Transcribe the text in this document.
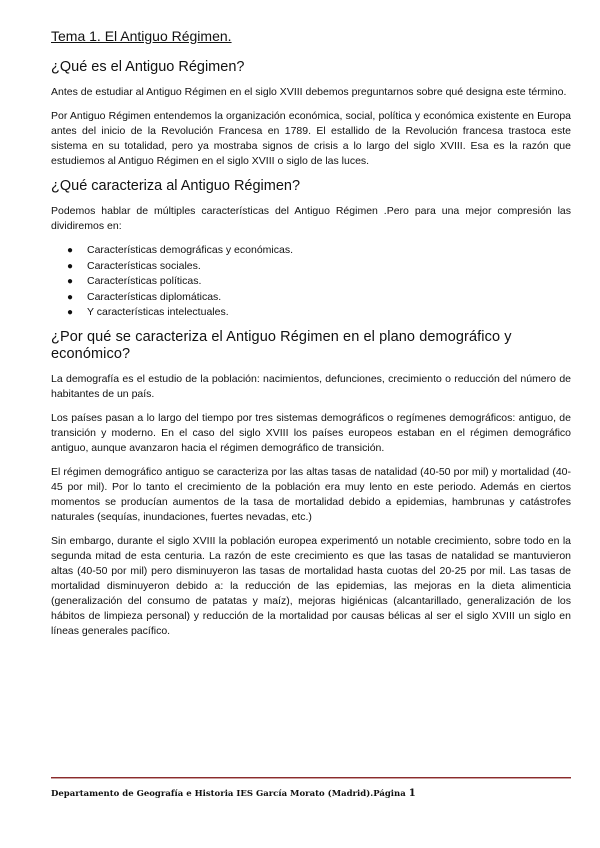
Tema 1. El Antiguo Régimen.
¿Qué es el Antiguo Régimen?

Antes de estudiar al Antiguo Régimen en el siglo XVIII debemos preguntarnos sobre qué designa este término.

Por Antiguo Régimen entendemos la organización económica, social, política y económica existente en Europa antes del inicio de la Revolución Francesa en 1789. El estallido de la Revolución francesa trastoca este sistema en su totalidad, pero ya mostraba signos de crisis a lo largo del siglo XVIII. Esa es la razón que estudiemos al Antiguo Régimen en el siglo XVIII o siglo de las luces.

¿Qué caracteriza al Antiguo Régimen?

Podemos hablar de múltiples características del Antiguo Régimen .Pero para una mejor compresión las dividiremos en:

● Características demográficas y económicas.
● Características sociales.
● Características políticas.
● Características diplomáticas.
● Y características intelectuales.
¿Por qué se caracteriza el Antiguo Régimen en el plano demográfico y económico?

La demografía es el estudio de la población: nacimientos, defunciones, crecimiento o reducción del número de habitantes de un país.

Los países pasan a lo largo del tiempo por tres sistemas demográficos o regímenes demográficos: antiguo, de transición y moderno. En el caso del siglo XVIII los países europeos estaban en el régimen demográfico antiguo, aunque avanzaron hacia el régimen demográfico de transición.

El régimen demográfico antiguo se caracteriza por las altas tasas de natalidad (40-50 por mil) y mortalidad (40-45 por mil). Por lo tanto el crecimiento de la población era muy lento en este periodo. Además en ciertos momentos se producían aumentos de la tasa de mortalidad debido a epidemias, hambrunas y catástrofes naturales (sequías, inundaciones, fuertes nevadas, etc.)

Sin embargo, durante el siglo XVIII la población europea experimentó un notable crecimiento, sobre todo en la segunda mitad de esta centuria. La razón de este crecimiento es que las tasas de natalidad se mantuvieron altas (40-50 por mil) pero disminuyeron las tasas de mortalidad hasta cuotas del 20-25 por mil. Las tasas de mortalidad disminuyeron debido a: la reducción de las epidemias, las mejoras en la dieta alimenticia (generalización del consumo de patatas y maíz), mejoras higiénicas (alcantarillado, generalización de los hábitos de limpieza personal) y reducción de la mortalidad por causas bélicas al ser el siglo XVIII un siglo en líneas generales pacífico.

Departamento de Geografía e Historia IES García Morato (Madrid).Página 1
